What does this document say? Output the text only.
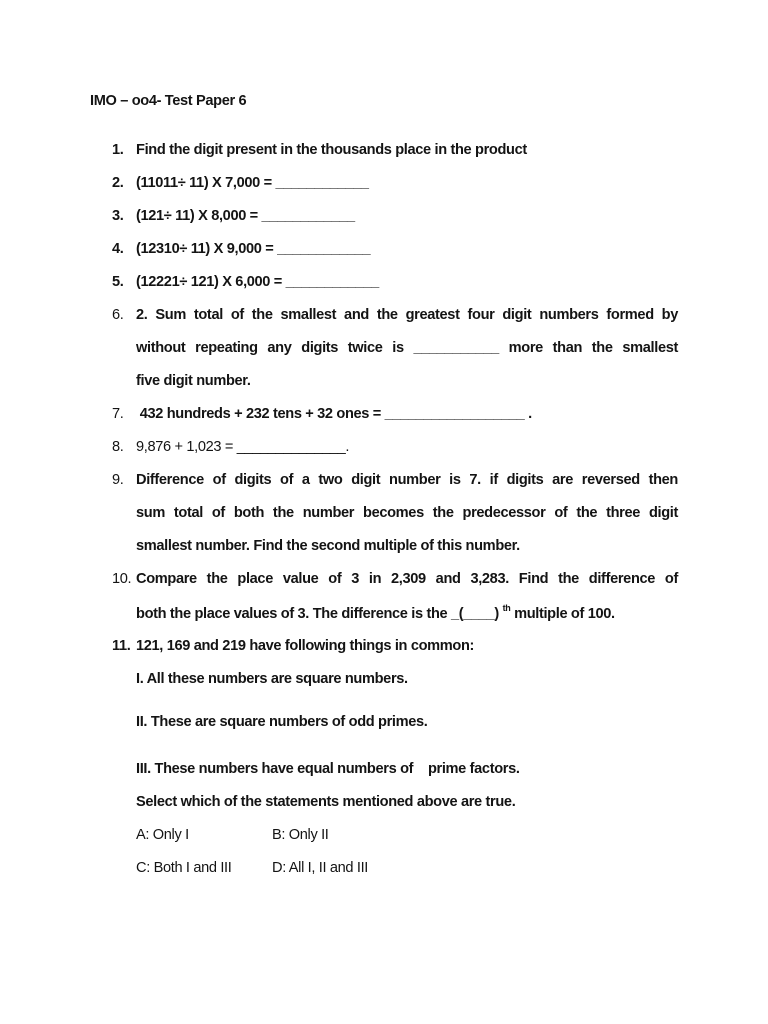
IMO – oo4- Test Paper 6
1. Find the digit present in the thousands place in the product
2. (11011÷ 11) X 7,000 = ____________
3. (121÷ 11) X 8,000 = ____________
4. (12310÷ 11) X 9,000 = ____________
5. (12221÷ 121) X 6,000 = ____________
6. 2. Sum total of the smallest and the greatest four digit numbers formed by
without repeating any digits twice is ___________ more than the smallest
five digit number.
7. 432 hundreds + 232 tens + 32 ones = __________________ .
8. 9,876 + 1,023 = ______________.
9. Difference of digits of a two digit number is 7. if digits are reversed then
sum total of both the number becomes the predecessor of the three digit
smallest number. Find the second multiple of this number.
10. Compare the place value of 3 in 2,309 and 3,283. Find the difference of
both the place values of 3. The difference is the _(____) $^{th}$ multiple of 100.
11. 121, 169 and 219 have following things in common:
I. All these numbers are square numbers.
II. These are square numbers of odd primes.
III. These numbers have equal numbers of    prime factors.
Select which of the statements mentioned above are true.
A: Only I	B: Only II
C: Both I and III	D: All I, II and III
